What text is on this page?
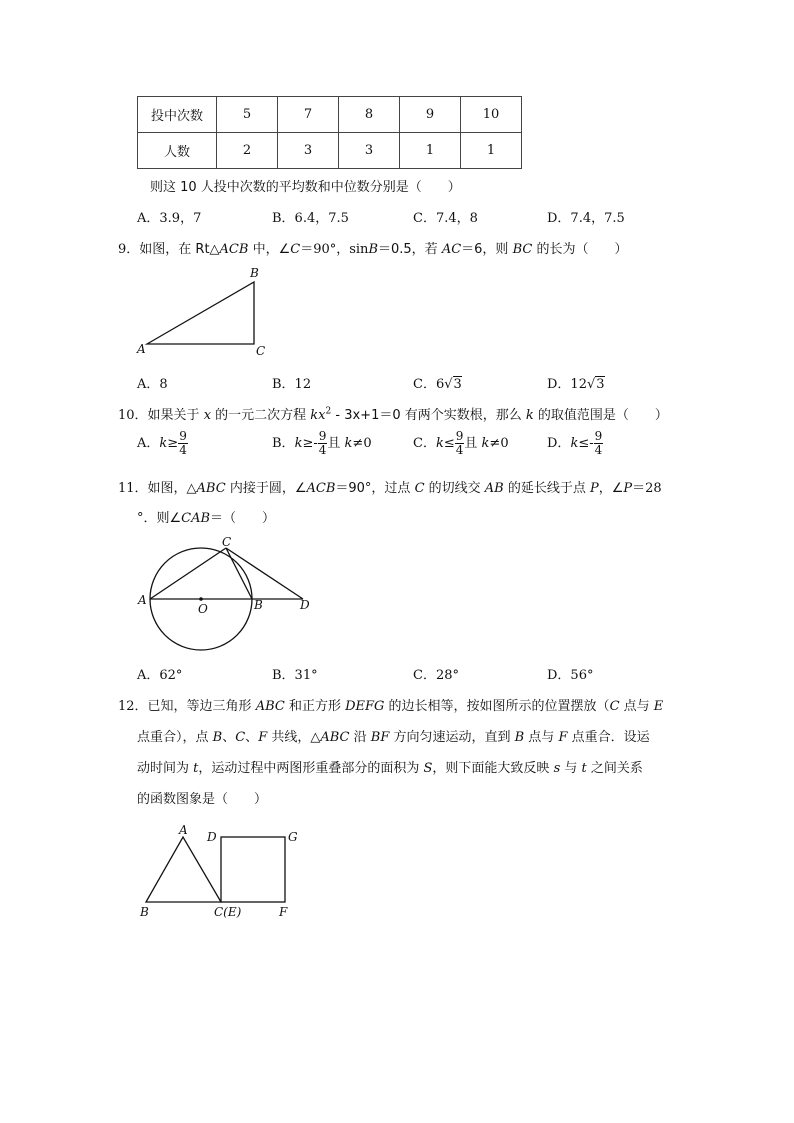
投中次数	5	7	8	9	10
人数	2	3	3	1	1
则这 10 人投中次数的平均数和中位数分别是（　　）
A．3.9，7	B．6.4，7.5	C．7.4，8	D．7.4，7.5
9．如图，在 Rt△ACB 中，∠C＝90°，sinB＝0.5，若 AC＝6，则 BC 的长为（　　）
B
A	C
A．8	B．12	C．6√3	D．12√3
10．如果关于 x 的一元二次方程 $kx^2 - 3x+1=0$ 有两个实数根，那么 k 的取值范围是（　　）
A．$k\ge \frac{9}{4}$	B．$k\ge- \frac{9}{4}$ 且 k≠0	C．$k\le \frac{9}{4}$ 且 k≠0	D．$k\le- \frac{9}{4}$
11．如图，△ABC 内接于圆，∠ACB＝90°，过点 C 的切线交 AB 的延长线于点 P，∠P＝28
°．则∠CAB＝（　　）
C
A
O	B	D
A．62°	B．31°	C．28°	D．56°
12．已知，等边三角形 ABC 和正方形 DEFG 的边长相等，按如图所示的位置摆放（C 点与 E
点重合），点 B、C、F 共线，△ABC 沿 BF 方向匀速运动，直到 B 点与 F 点重合．设运
动时间为 t，运动过程中两图形重叠部分的面积为 S，则下面能大致反映 s 与 t 之间关系
的函数图象是（　　）
A D	G
B	C(E)	F
